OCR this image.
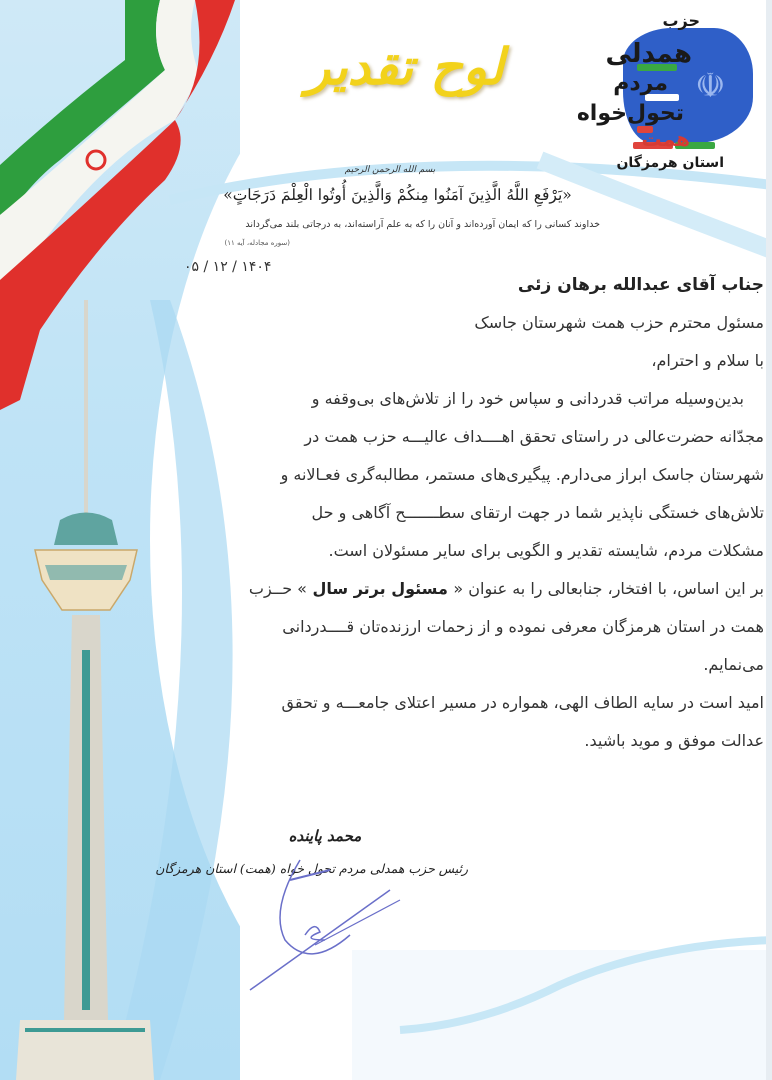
☫
حزب
همدلی
مردم
تحول‌خواه
همت
استان هرمزگان
لوح تقدیر
بسم الله الرحمن الرحیم
«یَرْفَعِ اللَّهُ الَّذِینَ آمَنُوا مِنکُمْ وَالَّذِینَ أُوتُوا الْعِلْمَ دَرَجَاتٍ»
خداوند کسانی را که ایمان آورده‌اند و آنان را که به علم آراسته‌اند، به درجاتی بلند می‌گرداند
(سوره مجادله، آیه ۱۱)
۱۴۰۴ / ۱۲ / ۰۵
جناب آقای عبدالله برهان زئی
مسئول محترم حزب همت شهرستان جاسک
با سلام و احترام،
بدین‌وسیله مراتب قدردانی و سپاس خود را از تلاش‌های بی‌وقفه و
مجدّانه حضرت‌عالی در راستای تحقق اهــــداف عالیـــه حزب همت در
شهرستان جاسک ابراز می‌دارم. پیگیری‌های مستمر، مطالبه‌گری فعـالانه و
تلاش‌های خستگی ناپذیر شما در جهت ارتقای سطـــــــح آگاهی و حل
مشکلات مردم، شایسته تقدیر و الگویی برای سایر مسئولان است.
بر این اساس، با افتخار، جنابعالی را به عنوان « مسئول برتر سال » حــزب
همت در استان هرمزگان معرفی نموده و از زحمات ارزنده‌تان قــــدردانی
می‌نمایم.
امید است در سایه الطاف الهی، همواره در مسیر اعتلای جامعـــه و تحقق
عدالت موفق و موید باشید.
محمد پاینده
رئیس حزب همدلی مردم تحول خواه (همت) استان هرمزگان
